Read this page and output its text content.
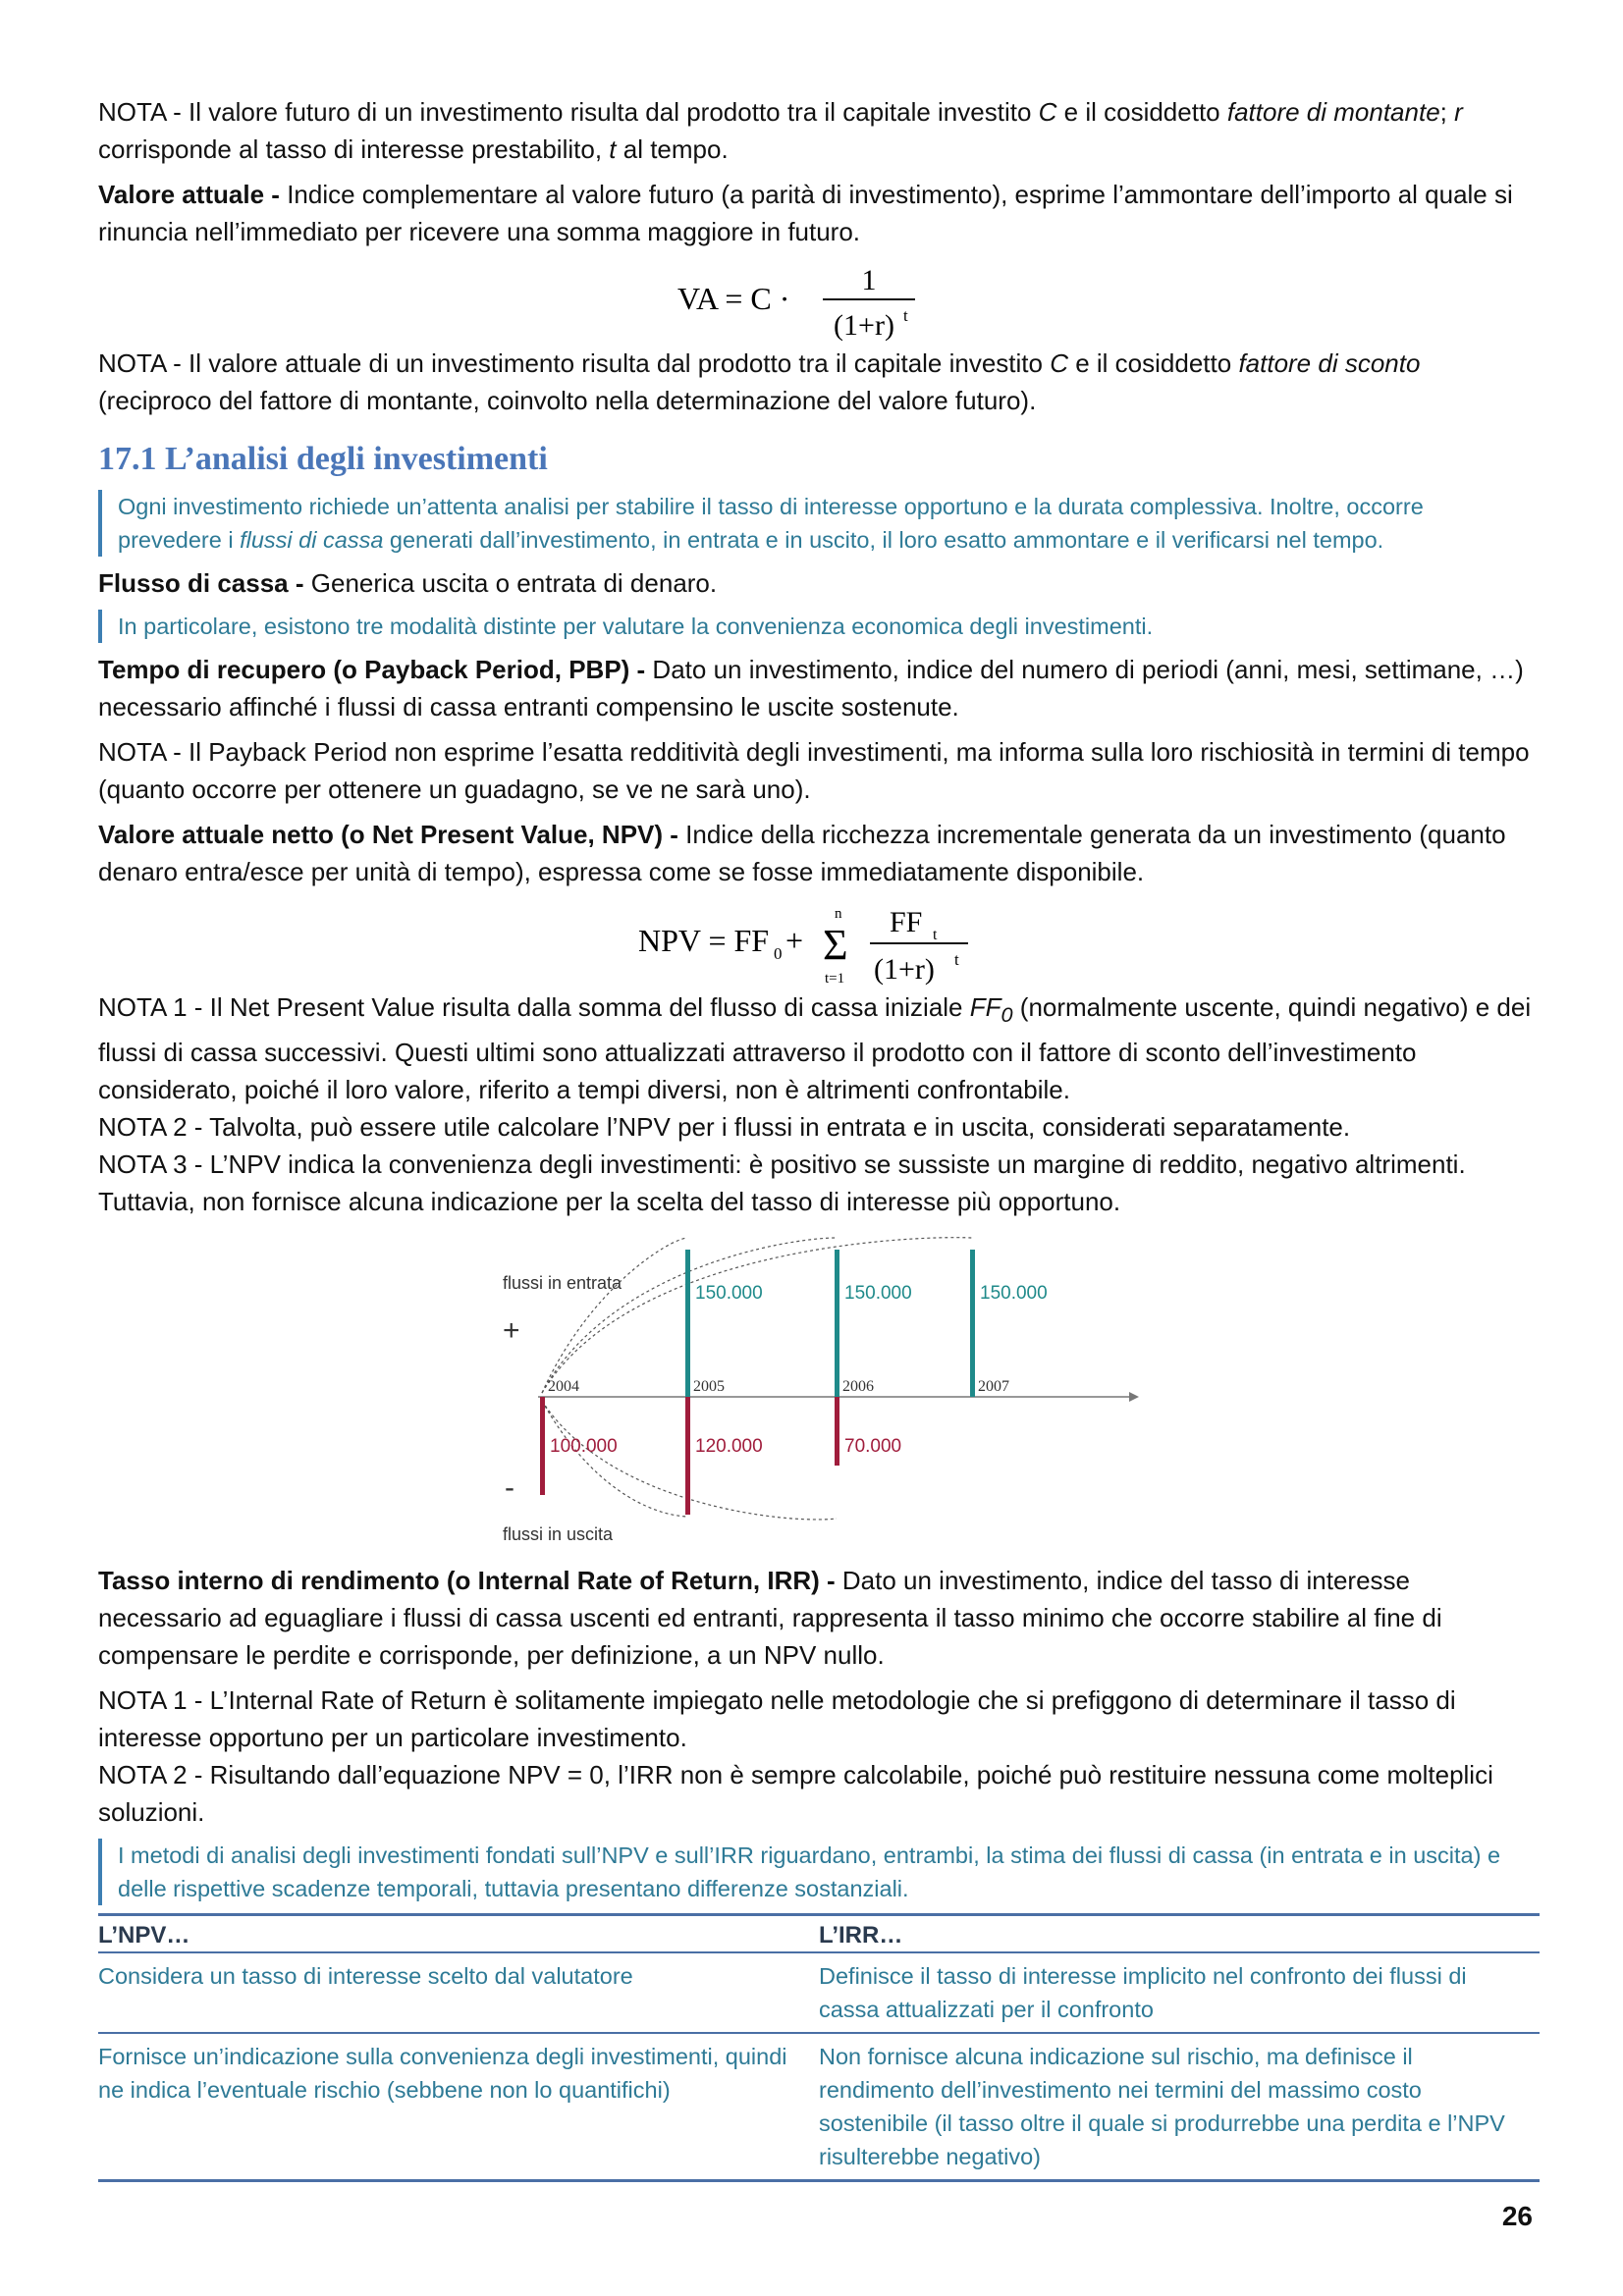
NOTA - Il valore futuro di un investimento risulta dal prodotto tra il capitale investito C e il cosiddetto fattore di montante; r corrisponde al tasso di interesse prestabilito, t al tempo.

Valore attuale - Indice complementare al valore futuro (a parità di investimento), esprime l’ammontare dell’importo al quale si rinuncia nell’immediato per ricevere una somma maggiore in futuro.

VA = C ·
1
(1+r) t

NOTA - Il valore attuale di un investimento risulta dal prodotto tra il capitale investito C e il cosiddetto fattore di sconto (reciproco del fattore di montante, coinvolto nella determinazione del valore futuro).

17.1 L’analisi degli investimenti

Ogni investimento richiede un’attenta analisi per stabilire il tasso di interesse opportuno e la durata complessiva. Inoltre, occorre prevedere i flussi di cassa generati dall’investimento, in entrata e in uscito, il loro esatto ammontare e il verificarsi nel tempo.

Flusso di cassa - Generica uscita o entrata di denaro.

In particolare, esistono tre modalità distinte per valutare la convenienza economica degli investimenti.

Tempo di recupero (o Payback Period, PBP) - Dato un investimento, indice del numero di periodi (anni, mesi, settimane, …) necessario affinché i flussi di cassa entranti compensino le uscite sostenute.

NOTA - Il Payback Period non esprime l’esatta redditività degli investimenti, ma informa sulla loro rischiosità in termini di tempo (quanto occorre per ottenere un guadagno, se ve ne sarà uno).

Valore attuale netto (o Net Present Value, NPV) - Indice della ricchezza incrementale generata da un investimento (quanto denaro entra/esce per unità di tempo), espressa come se fosse immediatamente disponibile.

NPV = FF 0 + Σ
n
t=1
FF t
(1+r) t

NOTA 1 - Il Net Present Value risulta dalla somma del flusso di cassa iniziale $FF_0$ (normalmente uscente, quindi negativo) e dei flussi di cassa successivi. Questi ultimi sono attualizzati attraverso il prodotto con il fattore di sconto dell’investimento considerato, poiché il loro valore, riferito a tempi diversi, non è altrimenti confrontabile.

NOTA 2 - Talvolta, può essere utile calcolare l’NPV per i flussi in entrata e in uscita, considerati separatamente.

NOTA 3 - L’NPV indica la convenienza degli investimenti: è positivo se sussiste un margine di reddito, negativo altrimenti. Tuttavia, non fornisce alcuna indicazione per la scelta del tasso di interesse più opportuno.

flussi in entrata
flussi in uscita
+
-
2004	2005	2006	2007
150.000	150.000	150.000
100.000	120.000	70.000

Tasso interno di rendimento (o Internal Rate of Return, IRR) - Dato un investimento, indice del tasso di interesse necessario ad eguagliare i flussi di cassa uscenti ed entranti, rappresenta il tasso minimo che occorre stabilire al fine di compensare le perdite e corrisponde, per definizione, a un NPV nullo.

NOTA 1 - L’Internal Rate of Return è solitamente impiegato nelle metodologie che si prefiggono di determinare il tasso di interesse opportuno per un particolare investimento.

NOTA 2 - Risultando dall’equazione NPV = 0, l’IRR non è sempre calcolabile, poiché può restituire nessuna come molteplici soluzioni.

I metodi di analisi degli investimenti fondati sull’NPV e sull’IRR riguardano, entrambi, la stima dei flussi di cassa (in entrata e in uscita) e delle rispettive scadenze temporali, tuttavia presentano differenze sostanziali.

L’NPV…	L’IRR…
Considera un tasso di interesse scelto dal valutatore	Definisce il tasso di interesse implicito nel confronto dei flussi di cassa attualizzati per il confronto
Fornisce un’indicazione sulla convenienza degli investimenti, quindi ne indica l’eventuale rischio (sebbene non lo quantifichi)	Non fornisce alcuna indicazione sul rischio, ma definisce il rendimento dell’investimento nei termini del massimo costo sostenibile (il tasso oltre il quale si produrrebbe una perdita e l’NPV risulterebbe negativo)
26
